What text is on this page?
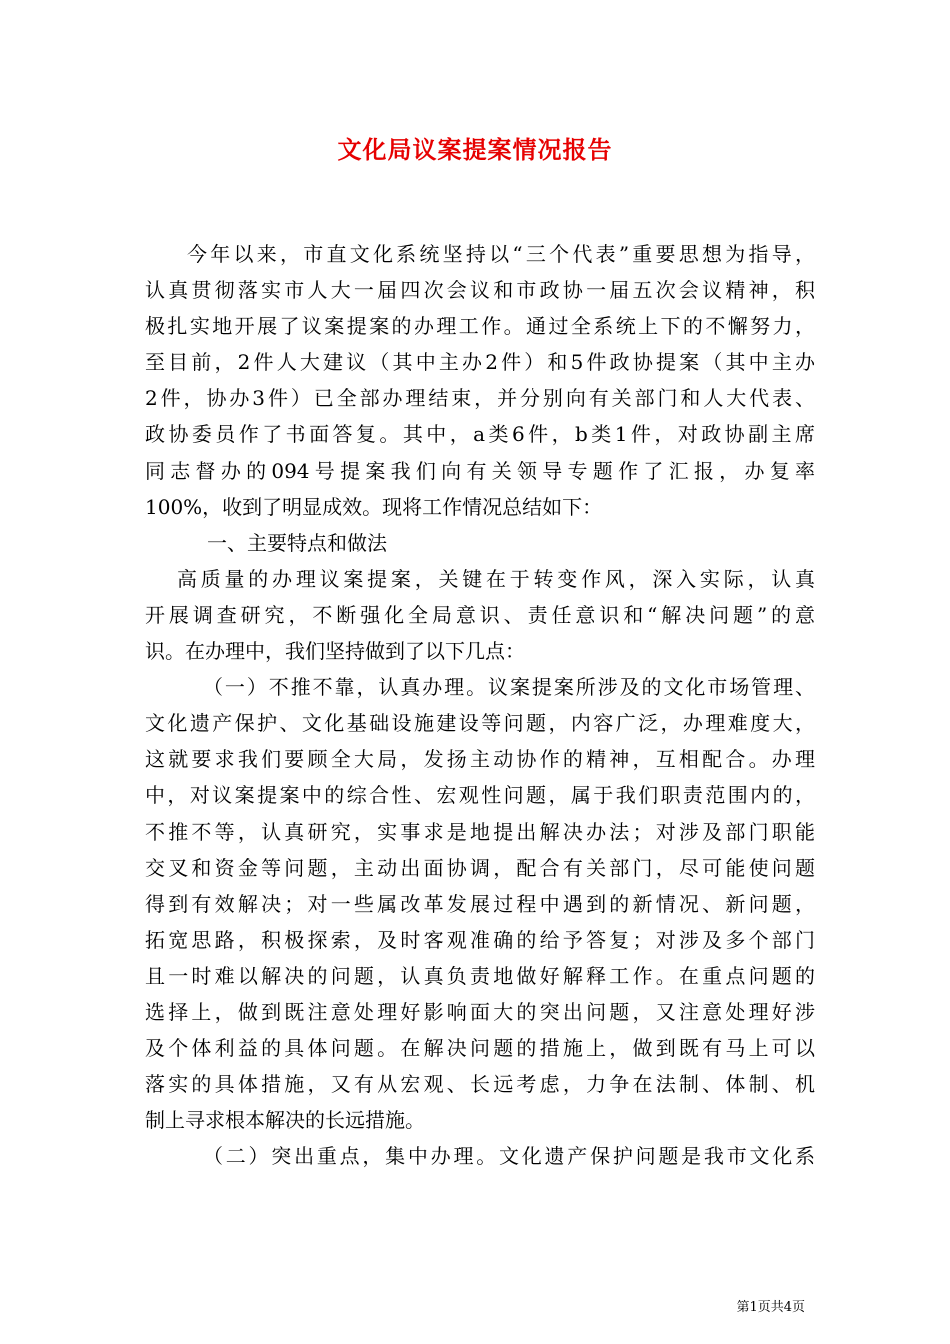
文化局议案提案情况报告
今年以来，市直文化系统坚持以“三个代表”重要思想为指导，
认真贯彻落实市人大一届四次会议和市政协一届五次会议精神，积
极扎实地开展了议案提案的办理工作。通过全系统上下的不懈努力，
至目前，2件人大建议（其中主办2件）和5件政协提案（其中主办
2件，协办3件）已全部办理结束，并分别向有关部门和人大代表、
政协委员作了书面答复。其中，a类6件，b类1件，对政协副主席
同志督办的094号提案我们向有关领导专题作了汇报，办复率
100%，收到了明显成效。现将工作情况总结如下：
一、主要特点和做法
高质量的办理议案提案，关键在于转变作风，深入实际，认真
开展调查研究，不断强化全局意识、责任意识和“解决问题”的意
识。在办理中，我们坚持做到了以下几点：
（一）不推不靠，认真办理。议案提案所涉及的文化市场管理、
文化遗产保护、文化基础设施建设等问题，内容广泛，办理难度大，
这就要求我们要顾全大局，发扬主动协作的精神，互相配合。办理
中，对议案提案中的综合性、宏观性问题，属于我们职责范围内的，
不推不等，认真研究，实事求是地提出解决办法；对涉及部门职能
交叉和资金等问题，主动出面协调，配合有关部门，尽可能使问题
得到有效解决；对一些属改革发展过程中遇到的新情况、新问题，
拓宽思路，积极探索，及时客观准确的给予答复；对涉及多个部门
且一时难以解决的问题，认真负责地做好解释工作。在重点问题的
选择上，做到既注意处理好影响面大的突出问题，又注意处理好涉
及个体利益的具体问题。在解决问题的措施上，做到既有马上可以
落实的具体措施，又有从宏观、长远考虑，力争在法制、体制、机
制上寻求根本解决的长远措施。
（二）突出重点，集中办理。文化遗产保护问题是我市文化系
第1页共4页
